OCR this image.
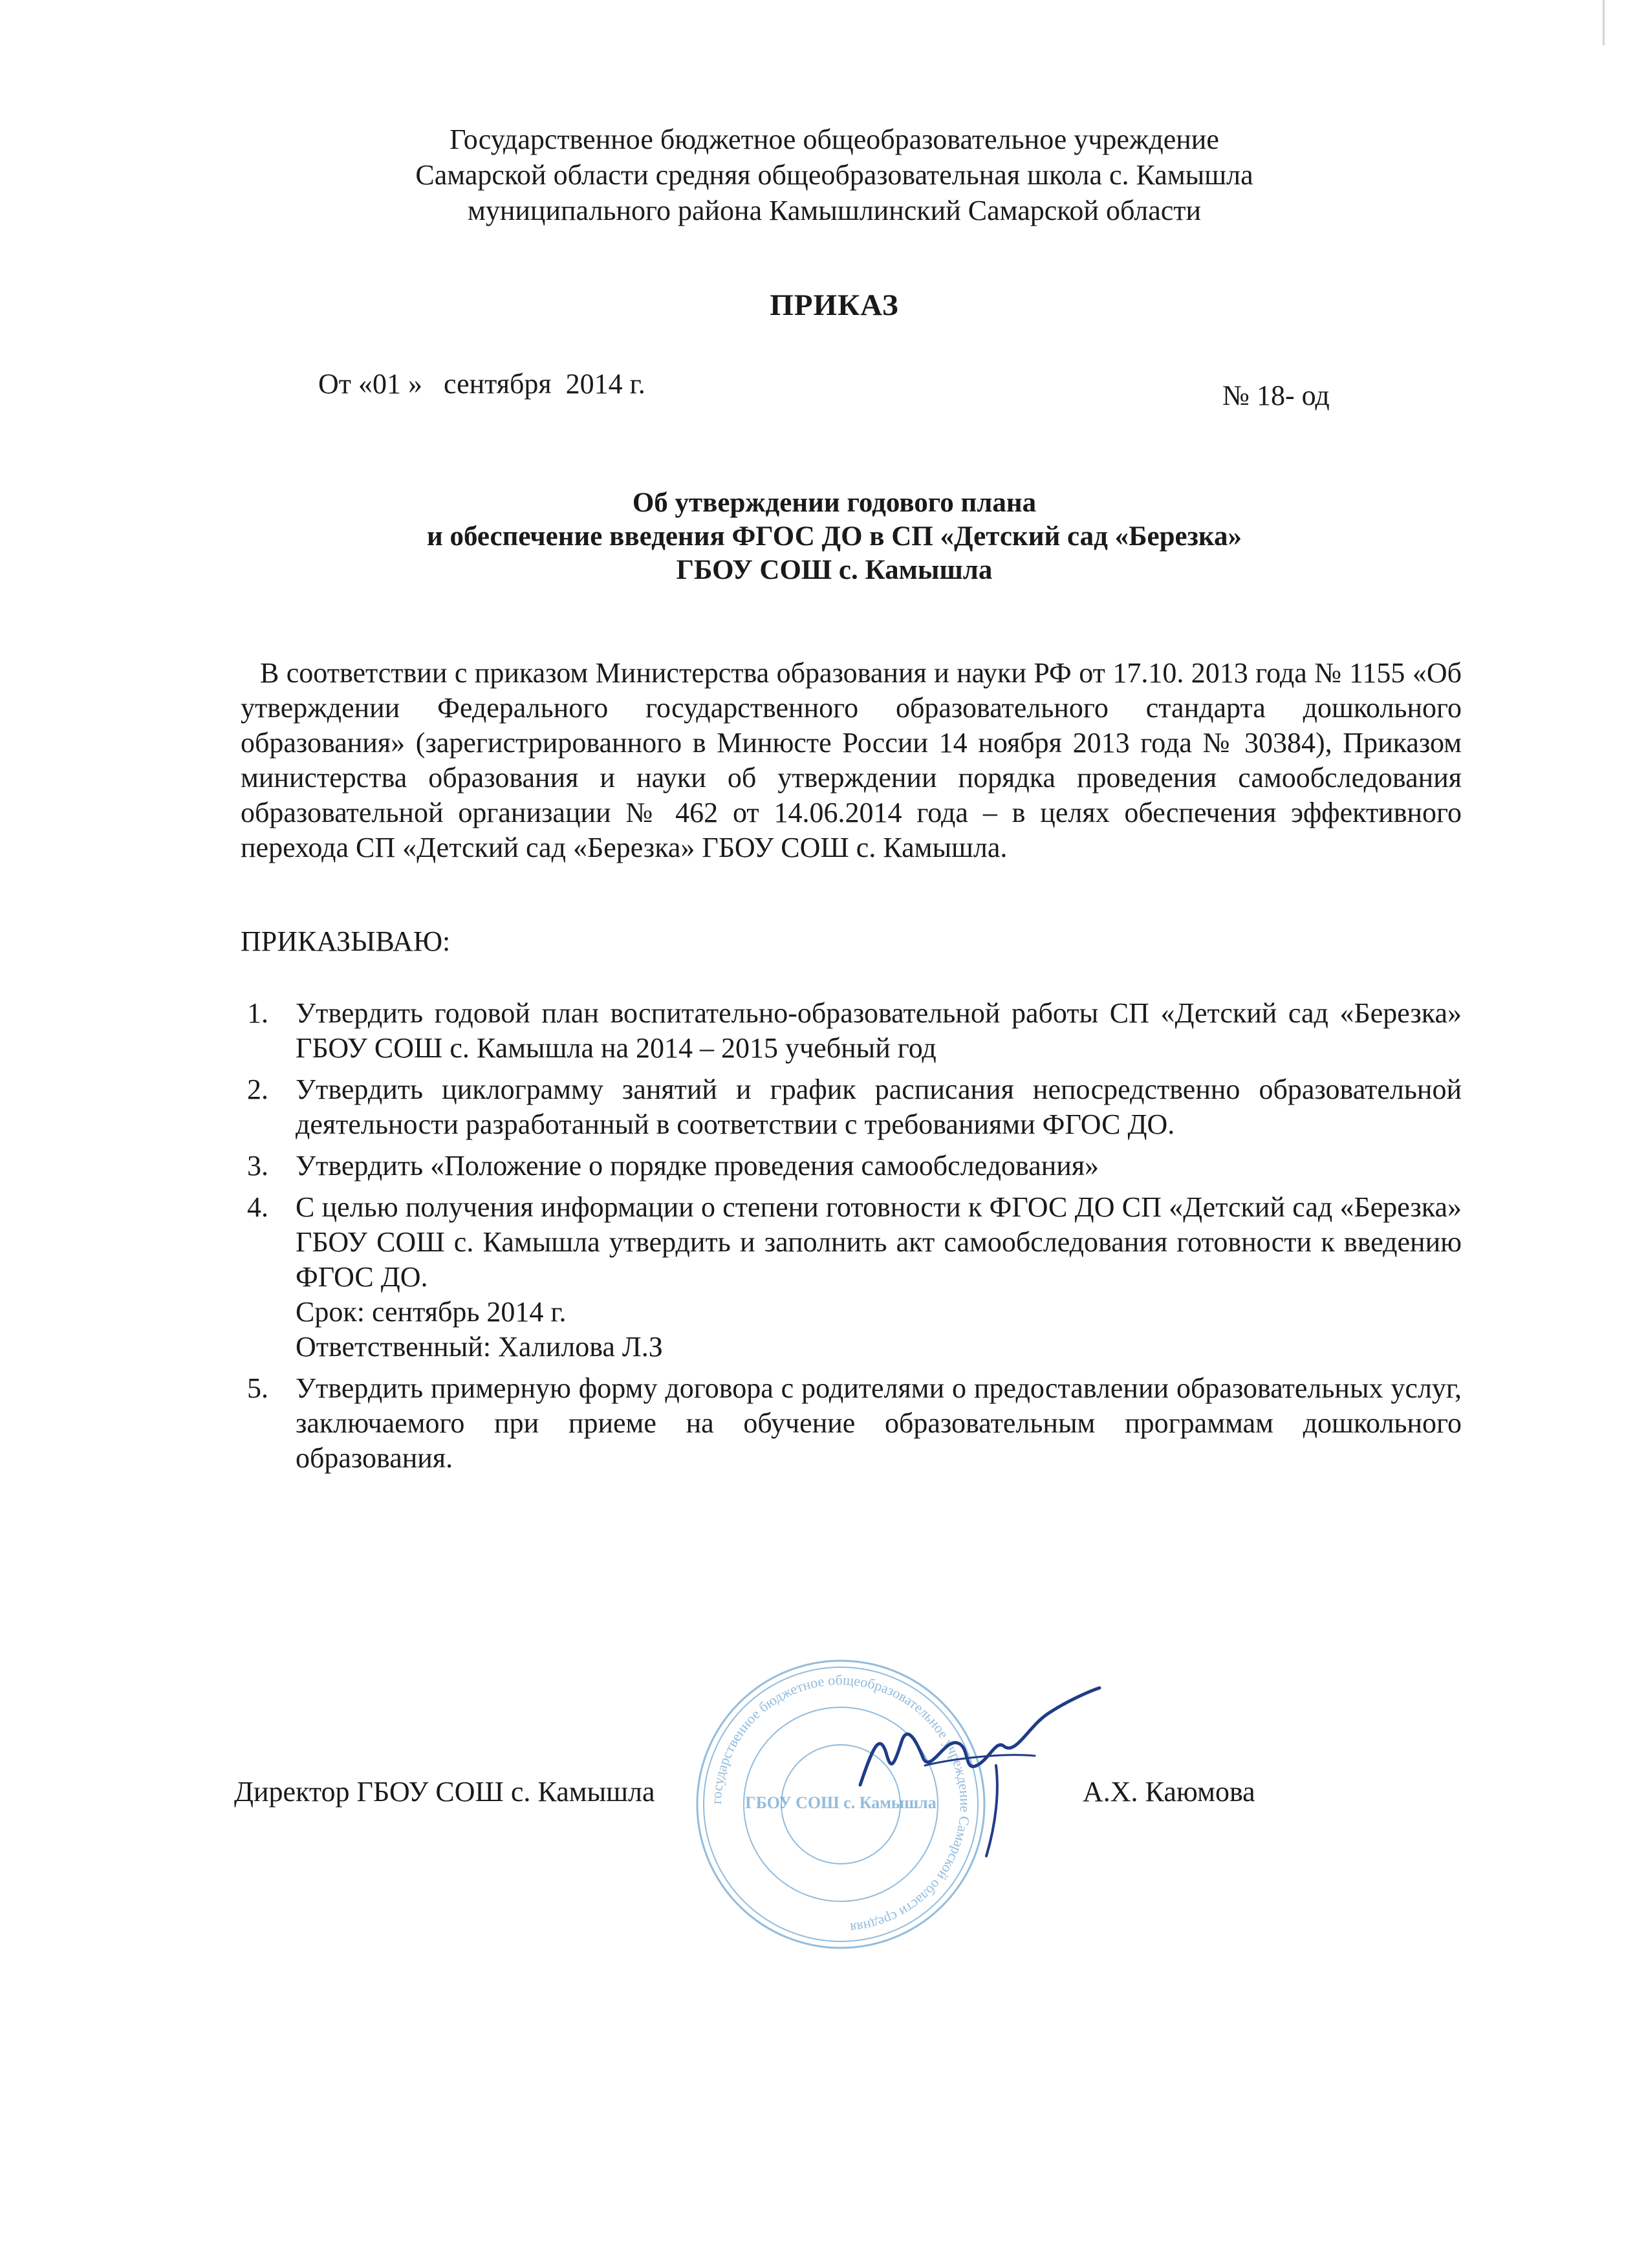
Государственное бюджетное общеобразовательное учреждение
Самарской области средняя общеобразовательная школа с. Камышла
муниципального района Камышлинский Самарской области
ПРИКАЗ
От «01 »   сентября  2014 г.	№ 18- од
Об утверждении годового плана
и обеспечение введения ФГОС ДО в СП «Детский сад «Березка»
ГБОУ СОШ с. Камышла

В соответствии с приказом Министерства образования и науки РФ от 17.10. 2013 года № 1155 «Об утверждении Федерального государственного образовательного стандарта дошкольного образования» (зарегистрированного в Минюсте России 14 ноября 2013 года № 30384), Приказом министерства образования и науки об утверждении порядка проведения самообследования образовательной организации № 462 от 14.06.2014 года – в целях обеспечения эффективного перехода СП «Детский сад «Березка» ГБОУ СОШ с. Камышла.

ПРИКАЗЫВАЮ:
1. Утвердить годовой план воспитательно-образовательной работы СП «Детский сад «Березка» ГБОУ СОШ с. Камышла на 2014 – 2015 учебный год
2. Утвердить циклограмму занятий и график расписания непосредственно образовательной деятельности разработанный в соответствии с требованиями ФГОС ДО.
3. Утвердить «Положение о порядке проведения самообследования»
4. С целью получения информации о степени готовности к ФГОС ДО СП «Детский сад «Березка» ГБОУ СОШ с. Камышла утвердить и заполнить акт самообследования готовности к введению ФГОС ДО.
Срок: сентябрь 2014 г.
Ответственный: Халилова Л.З
5. Утвердить примерную форму договора с родителями о предоставлении образовательных услуг, заключаемого при приеме на обучение образовательным программам дошкольного образования.
государственное бюджетное общеобразовательное учреждение Самарской области средняя
ГБОУ СОШ с. Камышла
Директор ГБОУ СОШ с. Камышла	А.Х. Каюмова
